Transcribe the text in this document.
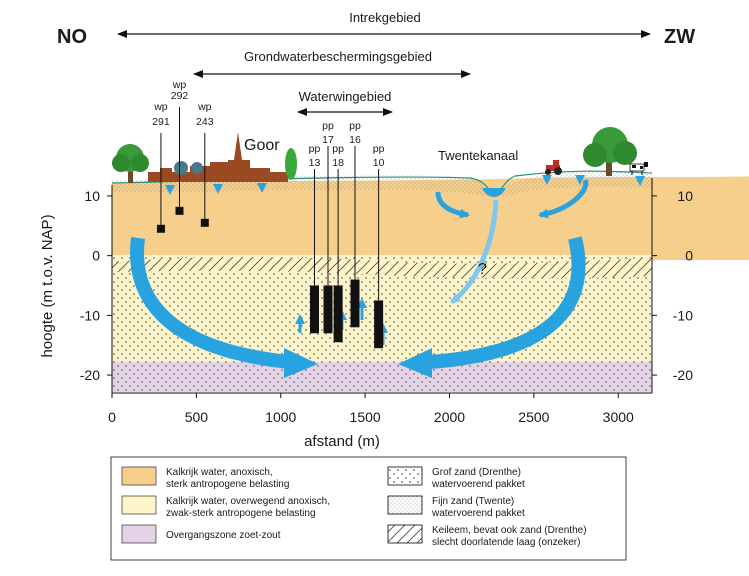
NO	ZW
Intrekgebied
Grondwaterbeschermingsgebied
Waterwingebied
wp
291
wp
292
wp
243
pp
13
pp
17
pp
18
pp
16
pp
10
Goor
Twentekanaal
?
0	500	1000	1500	2000	2500	3000
10	10
0	0
-10	-10
-20	-20
afstand (m)
hoogte (m t.o.v. NAP)
Kalkrijk water, anoxisch,
sterk antropogene belasting
Kalkrijk water, overwegend anoxisch,
zwak-sterk antropogene belasting
Overgangszone zoet-zout
Grof zand (Drenthe)
watervoerend pakket
Fijn zand (Twente)
watervoerend pakket
Keileem, bevat ook zand (Drenthe)
slecht doorlatende laag (onzeker)
